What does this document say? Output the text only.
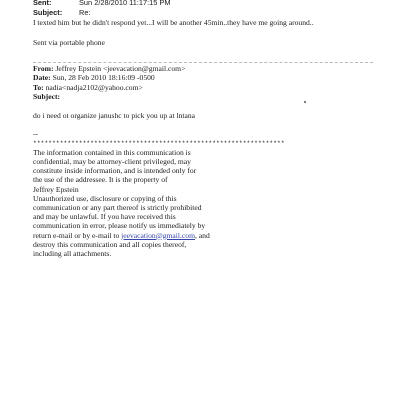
Sent:	Sun 2/28/2010 11:17:15 PM
Subject:	Re:
I texted him but he didn't respond yet...I will be another 45min..they have me going around..
Sent via portable phone
From: Jeffrey Epstein <jeevacation@gmail.com>
Date: Sun, 28 Feb 2010 18:16:09 -0500
To: nadia<nadja2102@yahoo.com>
Subject:
do i need ot organize janushc to pick you up at lntana
--
******************************************************************
The information contained in this communication is
confidential, may be attorney-client privileged, may
constitute inside information, and is intended only for
the use of the addressee. It is the property of
Jeffrey Epstein
Unauthorized use, disclosure or copying of this
communication or any part thereof is strictly prohibited
and may be unlawful. If you have received this
communication in error, please notify us immediately by
return e-mail or by e-mail to jeevacation@gmail.com, and
destroy this communication and all copies thereof,
including all attachments.
